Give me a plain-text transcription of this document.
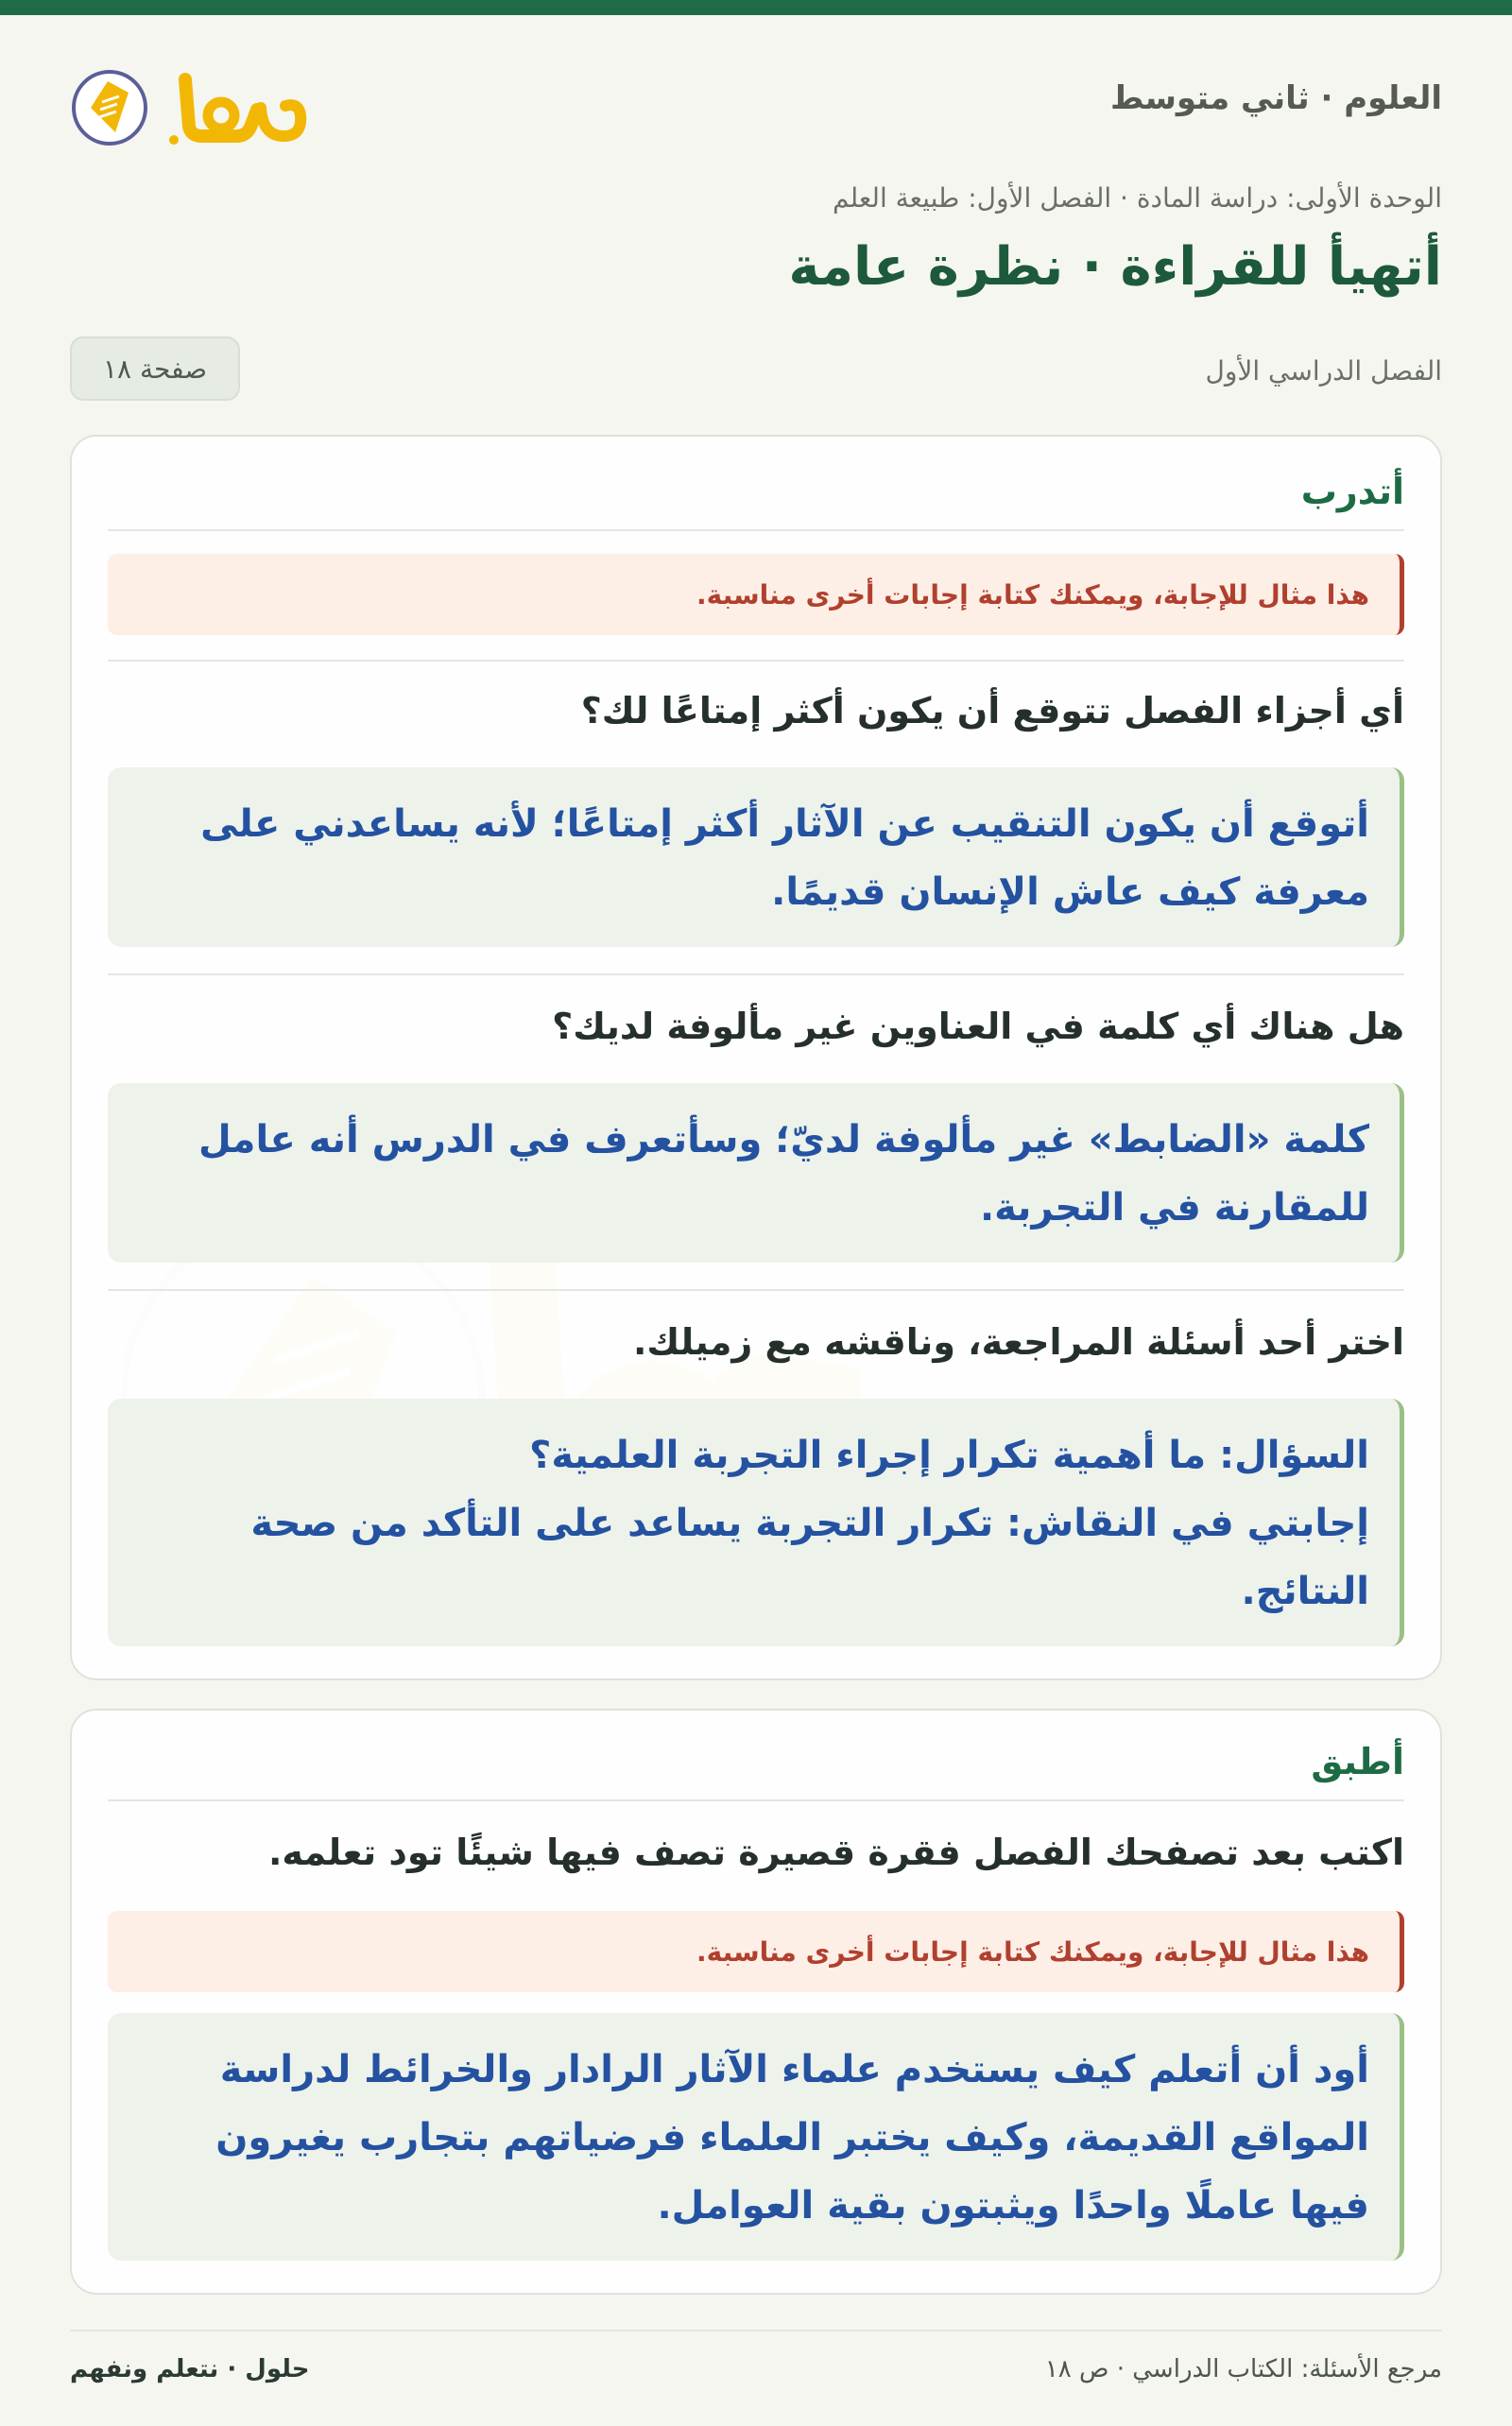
العلوم · ثاني متوسط
الوحدة الأولى: دراسة المادة · الفصل الأول: طبيعة العلم
أتهيأ للقراءة · نظرة عامة
الفصل الدراسي الأول
صفحة ١٨
أتدرب
هذا مثال للإجابة، ويمكنك كتابة إجابات أخرى مناسبة.
أي أجزاء الفصل تتوقع أن يكون أكثر إمتاعًا لك؟

أتوقع أن يكون التنقيب عن الآثار أكثر إمتاعًا؛ لأنه يساعدني على معرفة كيف عاش الإنسان قديمًا.

هل هناك أي كلمة في العناوين غير مألوفة لديك؟

كلمة «الضابط» غير مألوفة لديّ؛ وسأتعرف في الدرس أنه عامل للمقارنة في التجربة.

اختر أحد أسئلة المراجعة، وناقشه مع زميلك.

السؤال: ما أهمية تكرار إجراء التجربة العلمية؟

إجابتي في النقاش: تكرار التجربة يساعد على التأكد من صحة النتائج.

أطبق
اكتب بعد تصفحك الفصل فقرة قصيرة تصف فيها شيئًا تود تعلمه.
هذا مثال للإجابة، ويمكنك كتابة إجابات أخرى مناسبة.

أود أن أتعلم كيف يستخدم علماء الآثار الرادار والخرائط لدراسة المواقع القديمة، وكيف يختبر العلماء فرضياتهم بتجارب يغيرون فيها عاملًا واحدًا ويثبتون بقية العوامل.

مرجع الأسئلة: الكتاب الدراسي · ص ١٨
حلول · نتعلم ونفهم
